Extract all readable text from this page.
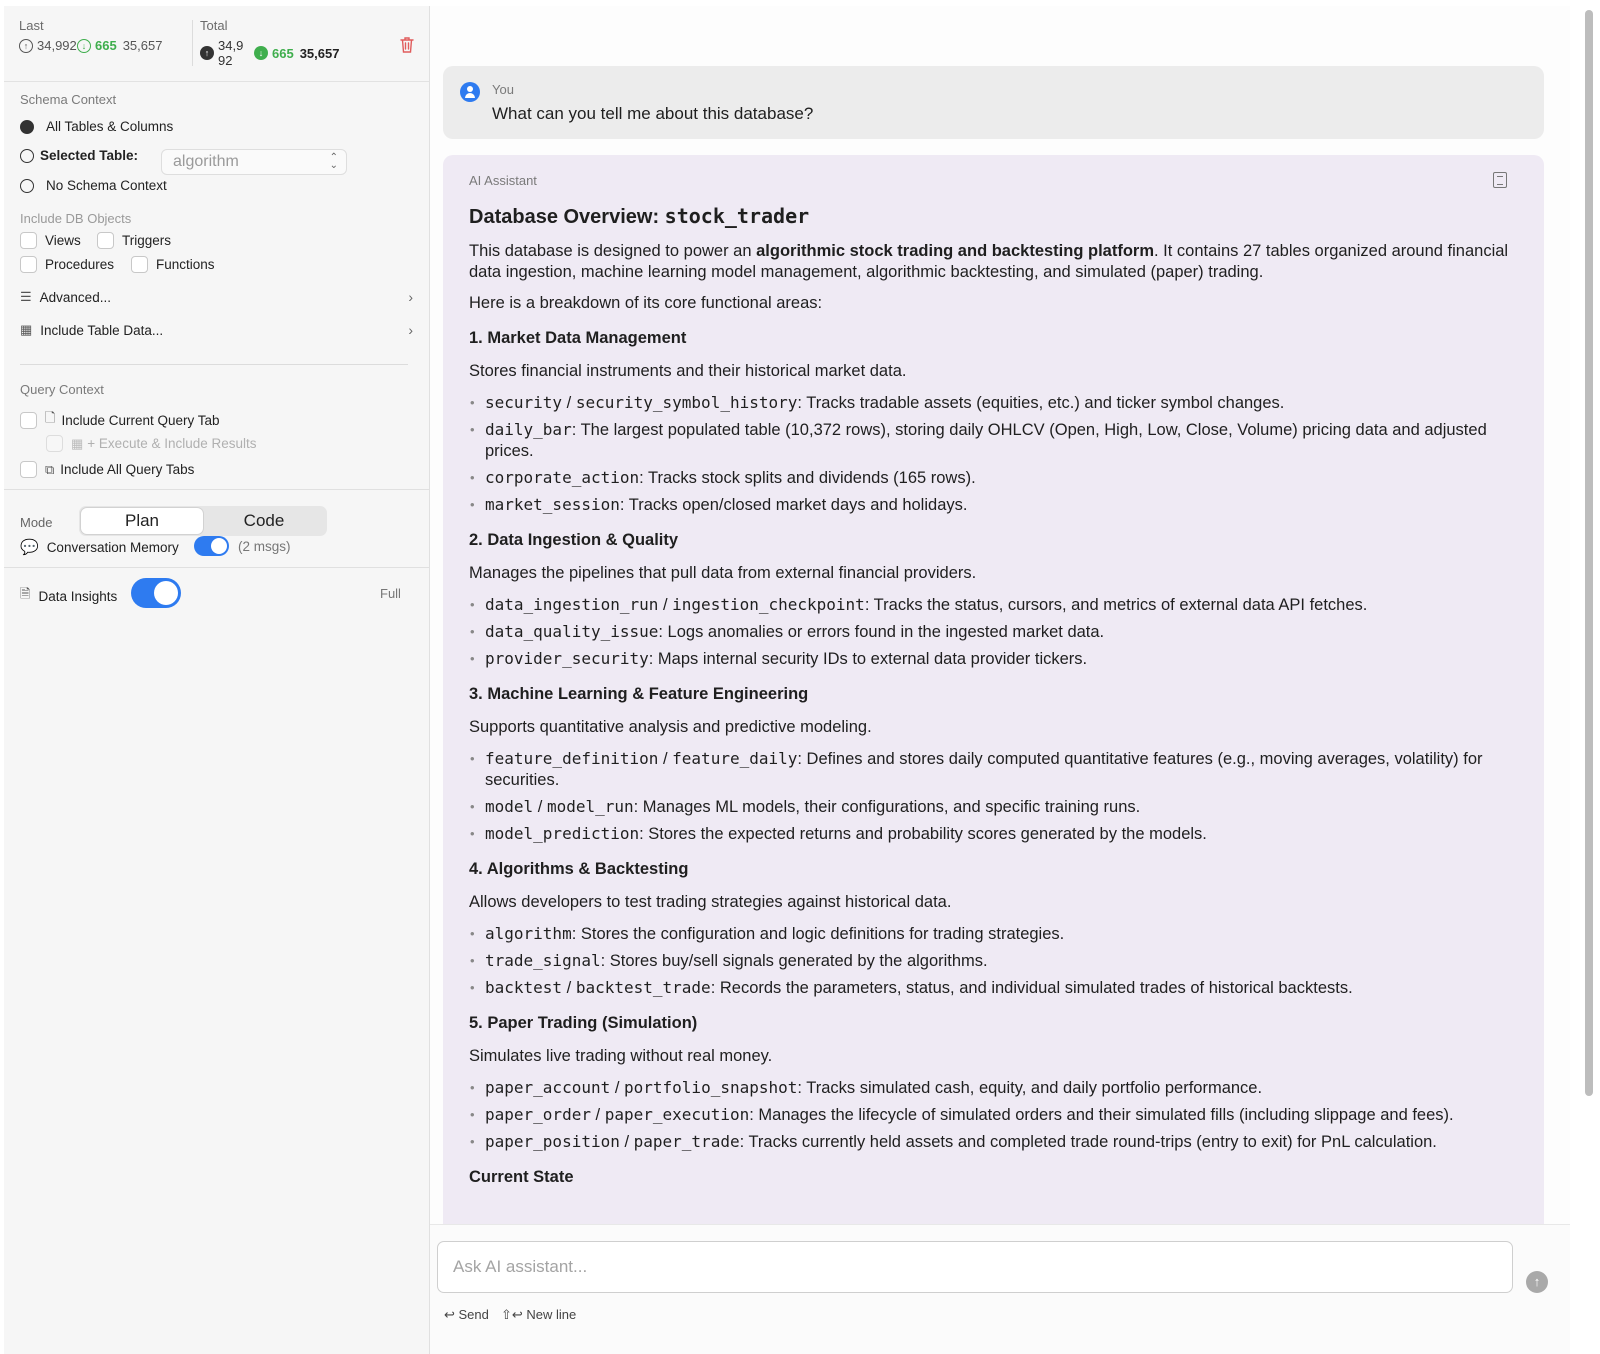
Last
↑ 34,992 ↓ 665 35,657
Total
↑ 34,992	↓ 665 35,657
Schema Context
All Tables & Columns
Selected Table:	algorithm	⌃
⌄
No Schema Context
Include DB Objects
Views	Triggers
Procedures	Functions
☰ Advanced...	›
▦ Include Table Data...	›
Query Context
🗋 Include Current Query Tab
▦ + Execute & Include Results
⧉ Include All Query Tabs
Mode	Plan	Code
💬 Conversation Memory	(2 msgs)
🗎 Data Insights	Full
You
What can you tell me about this database?
AI Assistant
Database Overview: stock_trader

This database is designed to power an algorithmic stock trading and backtesting platform. It contains 27 tables organized around financial data ingestion, machine learning model management, algorithmic backtesting, and simulated (paper) trading.

Here is a breakdown of its core functional areas:

1. Market Data Management

Stores financial instruments and their historical market data.

• security / security_symbol_history: Tracks tradable assets (equities, etc.) and ticker symbol changes.
• daily_bar: The largest populated table (10,372 rows), storing daily OHLCV (Open, High, Low, Close, Volume) pricing data and adjusted prices.
• corporate_action: Tracks stock splits and dividends (165 rows).
• market_session: Tracks open/closed market days and holidays.
2. Data Ingestion & Quality

Manages the pipelines that pull data from external financial providers.

• data_ingestion_run / ingestion_checkpoint: Tracks the status, cursors, and metrics of external data API fetches.
• data_quality_issue: Logs anomalies or errors found in the ingested market data.
• provider_security: Maps internal security IDs to external data provider tickers.
3. Machine Learning & Feature Engineering

Supports quantitative analysis and predictive modeling.

• feature_definition / feature_daily: Defines and stores daily computed quantitative features (e.g., moving averages, volatility) for securities.
• model / model_run: Manages ML models, their configurations, and specific training runs.
• model_prediction: Stores the expected returns and probability scores generated by the models.
4. Algorithms & Backtesting

Allows developers to test trading strategies against historical data.

• algorithm: Stores the configuration and logic definitions for trading strategies.
• trade_signal: Stores buy/sell signals generated by the algorithms.
• backtest / backtest_trade: Records the parameters, status, and individual simulated trades of historical backtests.
5. Paper Trading (Simulation)

Simulates live trading without real money.

• paper_account / portfolio_snapshot: Tracks simulated cash, equity, and daily portfolio performance.
• paper_order / paper_execution: Manages the lifecycle of simulated orders and their simulated fills (including slippage and fees).
• paper_position / paper_trade: Tracks currently held assets and completed trade round-trips (entry to exit) for PnL calculation.
Current State
Ask AI assistant...
↑
↩ Send ⇧↩ New line
